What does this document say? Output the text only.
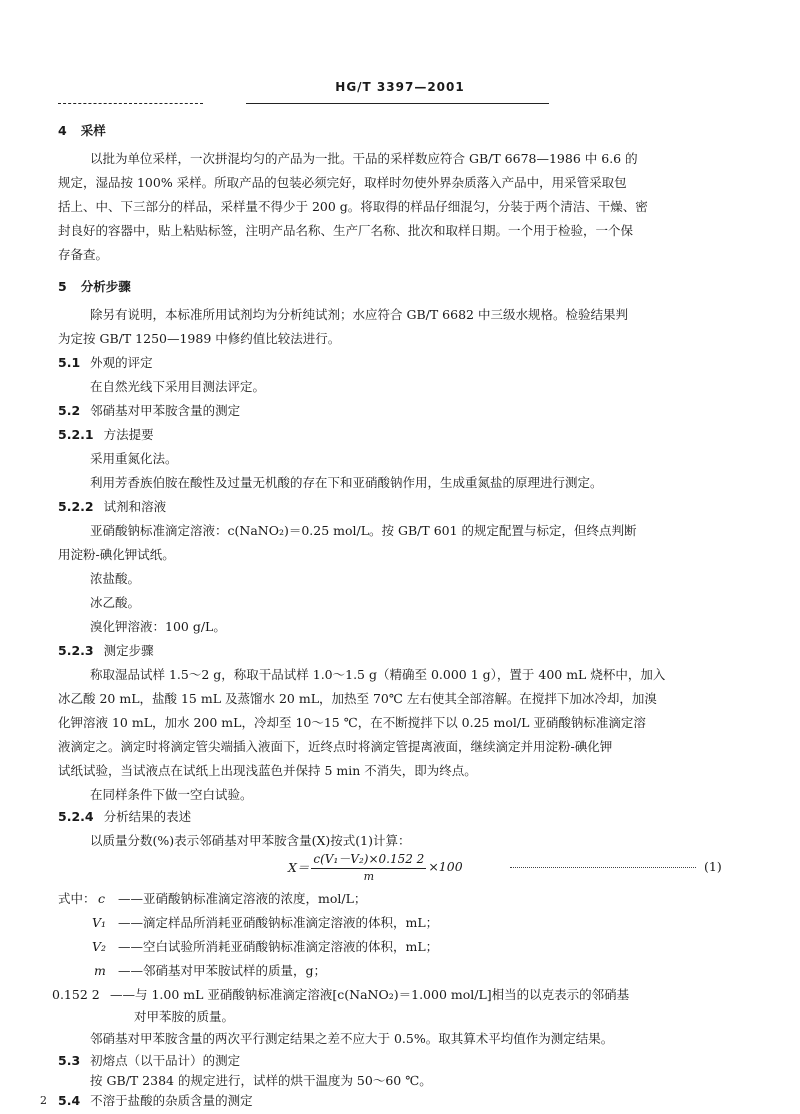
HG/T 3397—2001
4 采样
以批为单位采样，一次拼混均匀的产品为一批。干品的采样数应符合 GB/T 6678—1986 中 6.6 的
规定，湿品按 100% 采样。所取产品的包装必须完好，取样时勿使外界杂质落入产品中，用采管采取包
括上、中、下三部分的样品，采样量不得少于 200 g。将取得的样品仔细混匀，分装于两个清洁、干燥、密
封良好的容器中，贴上粘贴标签，注明产品名称、生产厂名称、批次和取样日期。一个用于检验，一个保
存备查。
5 分析步骤
除另有说明，本标准所用试剂均为分析纯试剂；水应符合 GB/T 6682 中三级水规格。检验结果判
为定按 GB/T 1250—1989 中修约值比较法进行。
5.1 外观的评定
在自然光线下采用目测法评定。
5.2 邻硝基对甲苯胺含量的测定
5.2.1 方法提要
采用重氮化法。
利用芳香族伯胺在酸性及过量无机酸的存在下和亚硝酸钠作用，生成重氮盐的原理进行测定。
5.2.2 试剂和溶液
亚硝酸钠标准滴定溶液：c(NaNO₂)＝0.25 mol/L。按 GB/T 601 的规定配置与标定，但终点判断
用淀粉-碘化钾试纸。
浓盐酸。
冰乙酸。
溴化钾溶液：100 g/L。
5.2.3 测定步骤
称取湿品试样 1.5～2 g，称取干品试样 1.0～1.5 g（精确至 0.000 1 g），置于 400 mL 烧杯中，加入
冰乙酸 20 mL，盐酸 15 mL 及蒸馏水 20 mL，加热至 70℃ 左右使其全部溶解。在搅拌下加冰冷却，加溴
化钾溶液 10 mL，加水 200 mL，冷却至 10～15 ℃，在不断搅拌下以 0.25 mol/L 亚硝酸钠标准滴定溶
液滴定之。滴定时将滴定管尖端插入液面下，近终点时将滴定管提离液面，继续滴定并用淀粉-碘化钾
试纸试验，当试液点在试纸上出现浅蓝色并保持 5 min 不消失，即为终点。
在同样条件下做一空白试验。
5.2.4 分析结果的表述
以质量分数(%)表示邻硝基对甲苯胺含量(X)按式(1)计算：
$X= \frac{\text{c(V₁－V₂)×0.152 2}}{m} \times 100$	(1)
式中： c ——亚硝酸钠标准滴定溶液的浓度，mol/L；
V₁ ——滴定样品所消耗亚硝酸钠标准滴定溶液的体积，mL；
V₂ ——空白试验所消耗亚硝酸钠标准滴定溶液的体积，mL；
m ——邻硝基对甲苯胺试样的质量，g；
0.152 2 ——与 1.00 mL 亚硝酸钠标准滴定溶液[c(NaNO₂)＝1.000 mol/L]相当的以克表示的邻硝基
对甲苯胺的质量。
邻硝基对甲苯胺含量的两次平行测定结果之差不应大于 0.5%。取其算术平均值作为测定结果。
5.3 初熔点（以干品计）的测定
按 GB/T 2384 的规定进行，试样的烘干温度为 50～60 ℃。
5.4 不溶于盐酸的杂质含量的测定
2
